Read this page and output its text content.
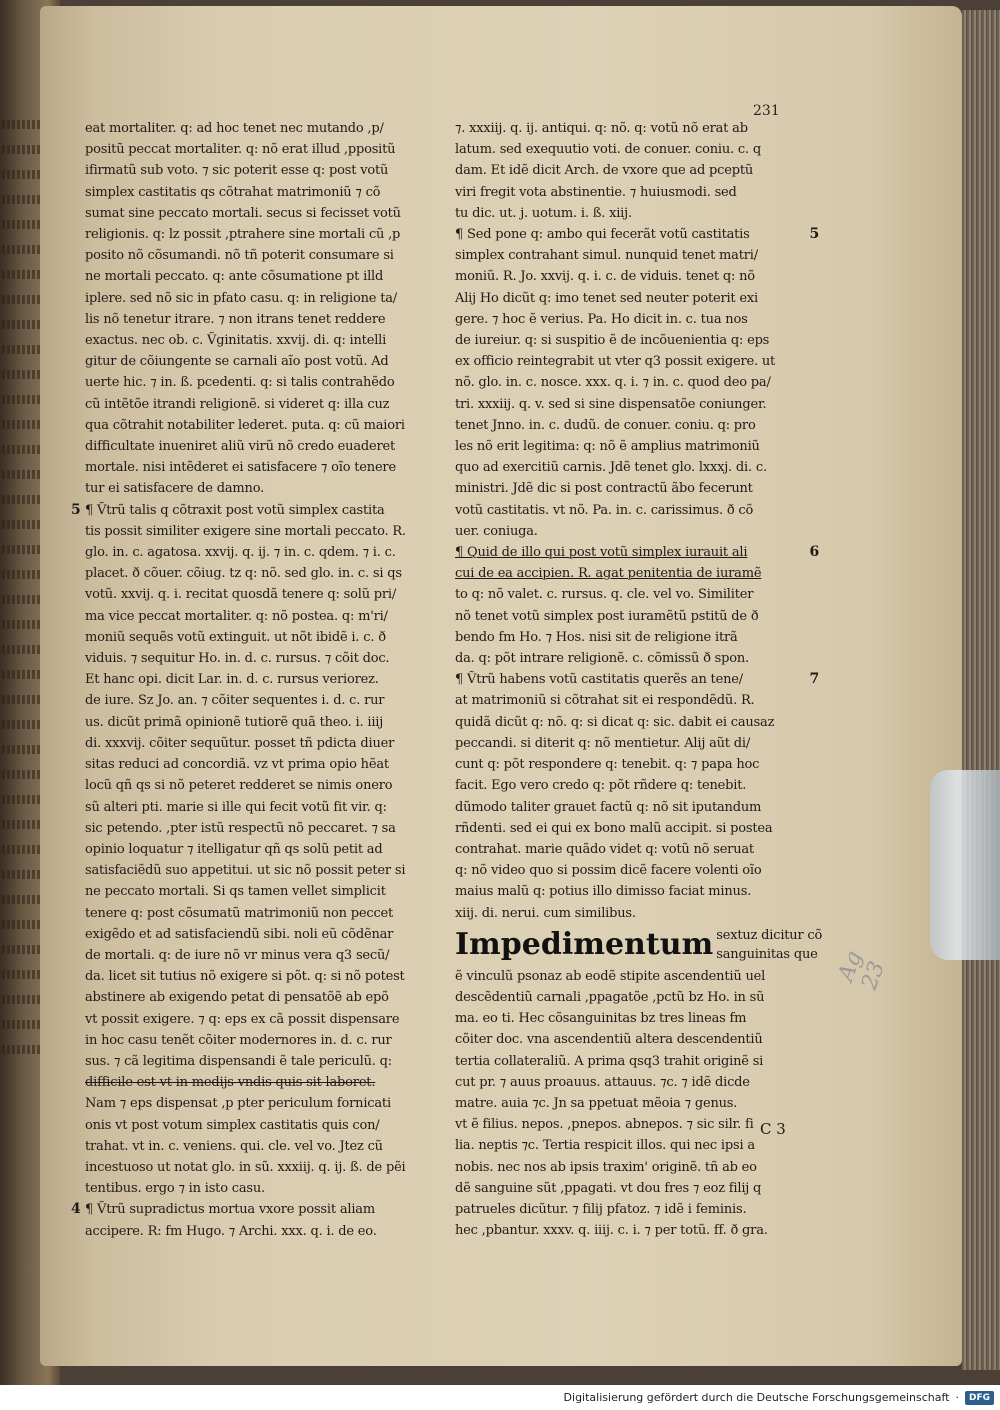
231
eat mortaliter. q: ad hoc tenet nec mutando ,p/
positũ peccat mortaliter. q: nõ erat illud ,ppositũ
ifirmatũ sub voto. ⁊ sic poterit esse q: post votũ
simplex castitatis qs cõtrahat matrimoniũ ⁊ cõ
sumat sine peccato mortali. secus si fecisset votũ
religionis. q: lz possit ,ptrahere sine mortali cũ ,p
posito nõ cõsumandi. nõ tñ poterit consumare si
ne mortali peccato. q: ante cõsumatione pt illd
iplere. sed nõ sic in pfato casu. q: in religione ta/
lis nõ tenetur itrare. ⁊ non itrans tenet reddere
exactus. nec ob. c. Ṽginitatis. xxvij. di. q: intelli
gitur de cõiungente se carnali aĩo post votũ. Ad
uerte hic. ⁊ in. ß. pcedenti. q: si talis contrahẽdo
cũ intẽtõe itrandi religionẽ. si videret q: illa cuz
qua cõtrahit notabiliter lederet. puta. q: cũ maiori
difficultate inueniret aliũ virũ nõ credo euaderet
mortale. nisi intẽderet ei satisfacere ⁊ oĩo tenere
tur ei satisfacere de damno.
¶ Ṽtrũ talis q cõtraxit post votũ simplex castita
5
tis possit similiter exigere sine mortali peccato. R.
glo. in. c. agatosa. xxvij. q. ij. ⁊ in. c. qdem. ⁊ i. c.
placet. ð cõuer. cõiug. tz q: nõ. sed glo. in. c. si qs
votũ. xxvij. q. i. recitat quosdã tenere q: solũ pri/
ma vice peccat mortaliter. q: nõ postea. q: m'ri/
moniũ sequẽs votũ extinguit. ut nõt ibidẽ i. c. ð
viduis. ⁊ sequitur Ho. in. d. c. rursus. ⁊ cõit doc.
Et hanc opi. dicit Lar. in. d. c. rursus veriorez.
de iure. Sz Jo. an. ⁊ cõiter sequentes i. d. c. rur
us. dicũt primã opinionẽ tutiorẽ quã theo. i. iiij
di. xxxvij. cõiter sequũtur. posset tñ pdicta diuer
sitas reduci ad concordiã. vz vt prima opio hẽat
locũ qñ qs si nõ peteret redderet se nimis onero
sũ alteri pti. marie si ille qui fecit votũ fit vir. q:
sic petendo. ,pter istũ respectũ nõ peccaret. ⁊ sa
opinio loquatur ⁊ itelligatur qñ qs solũ petit ad
satisfaciẽdũ suo appetitui. ut sic nõ possit peter si
ne peccato mortali. Si qs tamen vellet simplicit
tenere q: post cõsumatũ matrimoniũ non peccet
exigẽdo et ad satisfaciendũ sibi. noli eũ cõdẽnar
de mortali. q: de iure nõ vr minus vera q3 secũ/
da. licet sit tutius nõ exigere si põt. q: si nõ potest
abstinere ab exigendo petat di pensatõẽ ab epõ
vt possit exigere. ⁊ q: eps ex cã possit dispensare
in hoc casu tenẽt cõiter modernores in. d. c. rur
sus. ⁊ cã legitima dispensandi ẽ tale periculũ. q:
difficile est vt in medijs vndis quis sit laboret.
Nam ⁊ eps dispensat ,p pter periculum fornicati
onis vt post votum simplex castitatis quis con/
trahat. vt in. c. veniens. qui. cle. vel vo. Jtez cũ
incestuoso ut notat glo. in sũ. xxxiij. q. ij. ß. de pẽi
tentibus. ergo ⁊ in isto casu.
¶ Ṽtrũ supradictus mortua vxore possit aliam
4
accipere. R: fm Hugo. ⁊ Archi. xxx. q. i. de eo.
⁊. xxxiij. q. ij. antiqui. q: nõ. q: votũ nõ erat ab
latum. sed exequutio voti. de conuer. coniu. c. q
dam. Et idẽ dicit Arch. de vxore que ad pceptũ
viri fregit vota abstinentie. ⁊ huiusmodi. sed
tu dic. ut. j. uotum. i. ß. xiij.
¶ Sed pone q: ambo qui fecerãt votũ castitatis	5
simplex contrahant simul. nunquid tenet matri/
moniũ. R. Jo. xxvij. q. i. c. de viduis. tenet q: nõ
Alij Ho dicũt q: imo tenet sed neuter poterit exi
gere. ⁊ hoc ẽ verius. Pa. Ho dicit in. c. tua nos
de iureiur. q: si suspitio ẽ de incõuenientia q: eps
ex officio reintegrabit ut vter q3 possit exigere. ut
nõ. glo. in. c. nosce. xxx. q. i. ⁊ in. c. quod deo pa/
tri. xxxiij. q. v. sed si sine dispensatõe coniunger.
tenet Jnno. in. c. dudũ. de conuer. coniu. q: pro
les nõ erit legitima: q: nõ ẽ amplius matrimoniũ
quo ad exercitiũ carnis. Jdẽ tenet glo. lxxxj. di. c.
ministri. Jdẽ dic si post contractũ ãbo fecerunt
votũ castitatis. vt nõ. Pa. in. c. carissimus. ð cõ
uer. coniuga.
¶ Quid de illo qui post votũ simplex iurauit ali	6
cui de ea accipien. R. agat penitentia de iuramẽ
to q: nõ valet. c. rursus. q. cle. vel vo. Similiter
nõ tenet votũ simplex post iuramẽtũ pstitũ de ð
bendo fm Ho. ⁊ Hos. nisi sit de religione itrã
da. q: põt intrare religionẽ. c. cõmissũ ð spon.
¶ Ṽtrũ habens votũ castitatis querẽs an tene/	7
at matrimoniũ si cõtrahat sit ei respondẽdũ. R.
quidã dicũt q: nõ. q: si dicat q: sic. dabit ei causaz
peccandi. si diterit q: nõ mentietur. Alij aũt di/
cunt q: põt respondere q: tenebit. q: ⁊ papa hoc
facit. Ego vero credo q: põt rñdere q: tenebit.
dũmodo taliter grauet factũ q: nõ sit iputandum
rñdenti. sed ei qui ex bono malũ accipit. si postea
contrahat. marie quãdo videt q: votũ nõ seruat
q: nõ video quo si possim dicẽ facere volenti oĩo
maius malũ q: potius illo dimisso faciat minus.
xiij. di. nerui. cum similibus.
Impedimentum sextuz dicitur cõ
sanguinitas que
ẽ vinculũ psonaz ab eodẽ stipite ascendentiũ uel
descẽdentiũ carnali ,ppagatõe ,pctũ bz Ho. in sũ
ma. eo ti. Hec cõsanguinitas bz tres lineas fm
cõiter doc. vna ascendentiũ altera descendentiũ
tertia collateraliũ. A prima qsq3 trahit originẽ si
cut pr. ⁊ auus proauus. attauus. ⁊c. ⁊ idẽ dicde
matre. auia ⁊c. Jn sa ppetuat mẽoia ⁊ genus.
vt ẽ filius. nepos. ,pnepos. abnepos. ⁊ sic silr. fi
lia. neptis ⁊c. Tertia respicit illos. qui nec ipsi a
nobis. nec nos ab ipsis traxim' originẽ. tñ ab eo
dẽ sanguine sũt ,ppagati. vt dou fres ⁊ eoz filij q
patrueles dicũtur. ⁊ filij pfatoz. ⁊ idẽ i feminis.
hec ,pbantur. xxxv. q. iiij. c. i. ⁊ per totũ. ff. ð gra.
C 3
Ag 23
Digitalisierung gefördert durch die Deutsche Forschungsgemeinschaft ·	DFG
